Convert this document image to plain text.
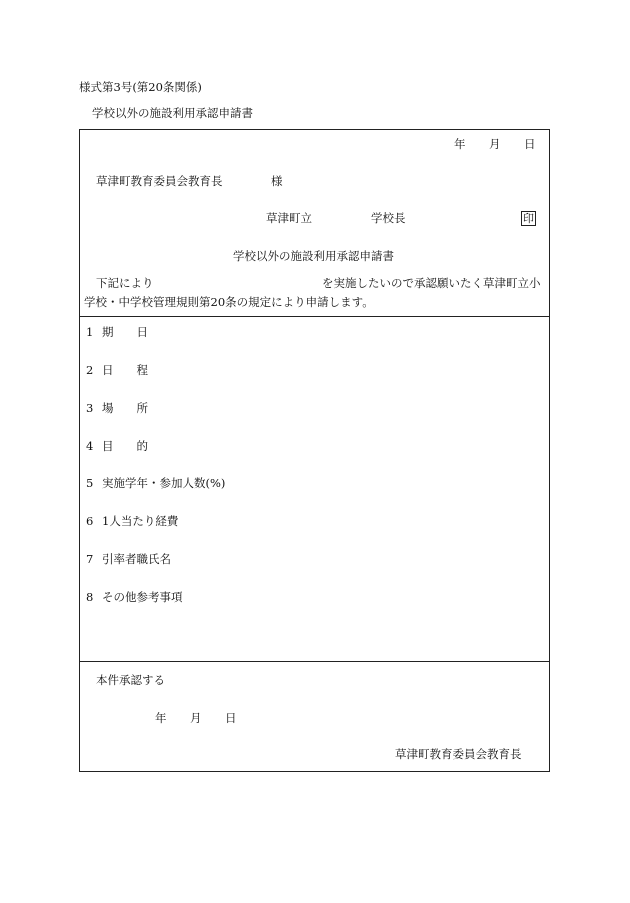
様式第3号(第20条関係)
学校以外の施設利用承認申請書
年 月 日
草津町教育委員会教育長	様
草津町立	学校長	印
学校以外の施設利用承認申請書
下記により	を実施したいので承認願いたく草津町立小
学校・中学校管理規則第20条の規定により申請します。
1 期　　日
2 日　　程
3 場　　所
4 目　　的
5 実施学年・参加人数(%)
6 1人当たり経費
7 引率者職氏名
8 その他参考事項
本件承認する
年 月 日
草津町教育委員会教育長
